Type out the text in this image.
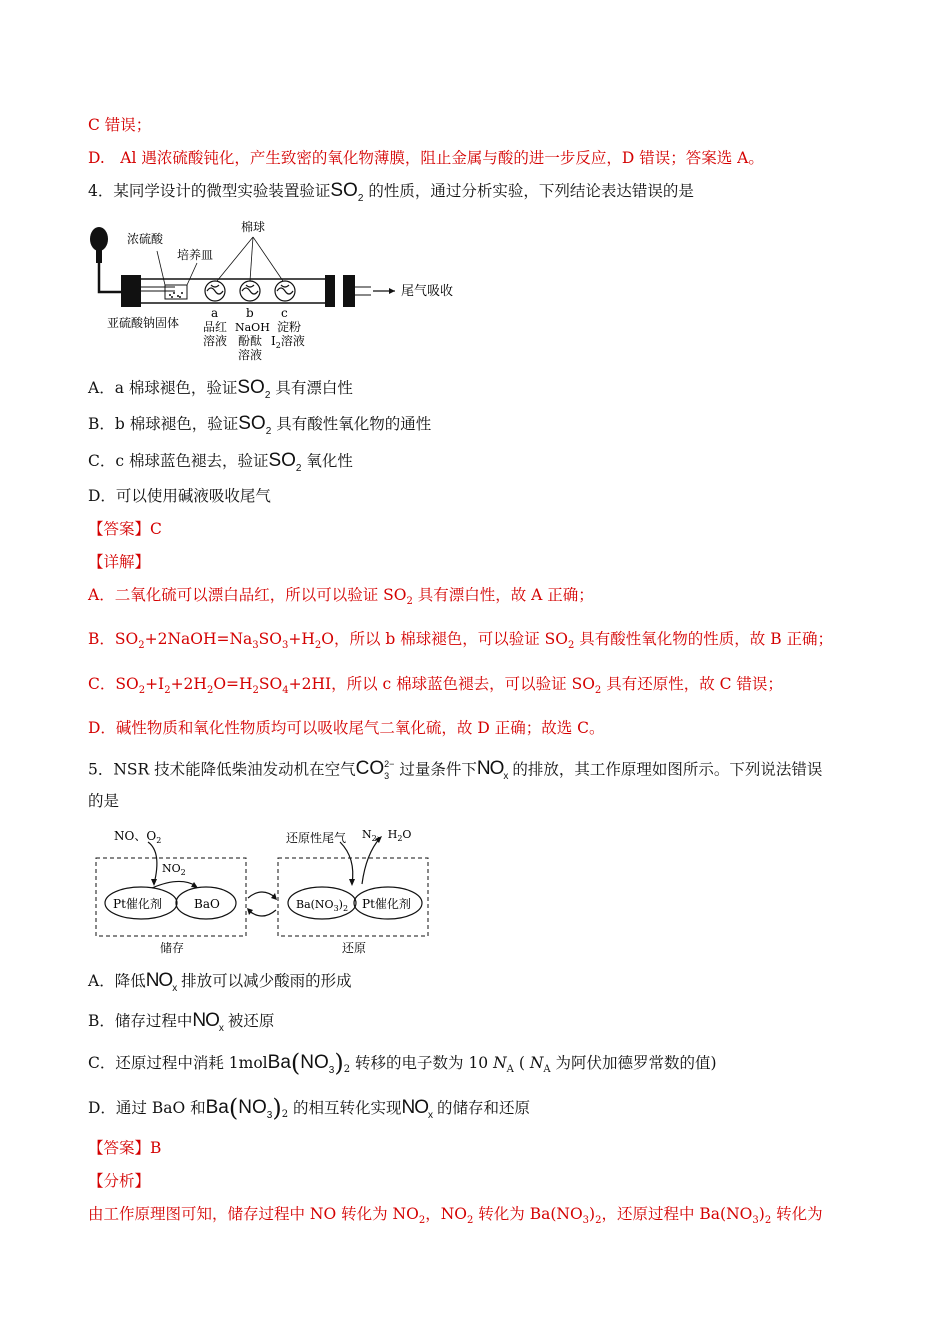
C 错误；
D.　Al 遇浓硫酸钝化，产生致密的氧化物薄膜，阻止金属与酸的进一步反应，D 错误；答案选 A。
4．某同学设计的微型实验装置验证$SO_2$ 的性质，通过分析实验，下列结论表达错误的是
浓硫酸
培养皿
棉球
亚硫酸钠固体
a b c
品红
溶液
NaOH
酚酞
溶液
淀粉
$I_2$溶液
尾气吸收
A．a 棉球褪色，验证$SO_2$ 具有漂白性
B．b 棉球褪色，验证$SO_2$ 具有酸性氧化物的通性
C．c 棉球蓝色褪去，验证$SO_2$ 氧化性
D．可以使用碱液吸收尾气
【答案】C
【详解】
A．二氧化硫可以漂白品红，所以可以验证 $SO_2$ 具有漂白性，故 A 正确；
B．$SO_2+2NaOH=Na_3SO_3+H_2O$，所以 b 棉球褪色，可以验证 $SO_2$ 具有酸性氧化物的性质，故 B 正确；
C．$SO_2+I_2+2H_2O=H_2SO_4+2HI$，所以 c 棉球蓝色褪去，可以验证 $SO_2$ 具有还原性，故 C 错误；
D．碱性物质和氧化性物质均可以吸收尾气二氧化硫，故 D 正确；故选 C。
5．NSR 技术能降低柴油发动机在空气$CO_3^{2-}$ 过量条件下$NO_x$ 的排放，其工作原理如图所示。下列说法错误
的是
NO、$O_2$
$NO_2$
Pt催化剂	BaO
储存
还原性尾气 $N_2$、$H_2O$
$Ba(NO_3)_2$ Pt催化剂
还原
A．降低$NO_x$ 排放可以减少酸雨的形成
B．储存过程中$NO_x$ 被还原
C．还原过程中消耗 $1molBa(NO_3)_2$ 转移的电子数为 10 $N_A$ ( $N_A$ 为阿伏加德罗常数的值)
D．通过 BaO 和$Ba(NO_3)_2$ 的相互转化实现$NO_x$ 的储存和还原
【答案】B
【分析】
由工作原理图可知，储存过程中 NO 转化为 $NO_2$，$NO_2$ 转化为 $Ba(NO_3)_2$，还原过程中 $Ba(NO_3)_2$ 转化为
